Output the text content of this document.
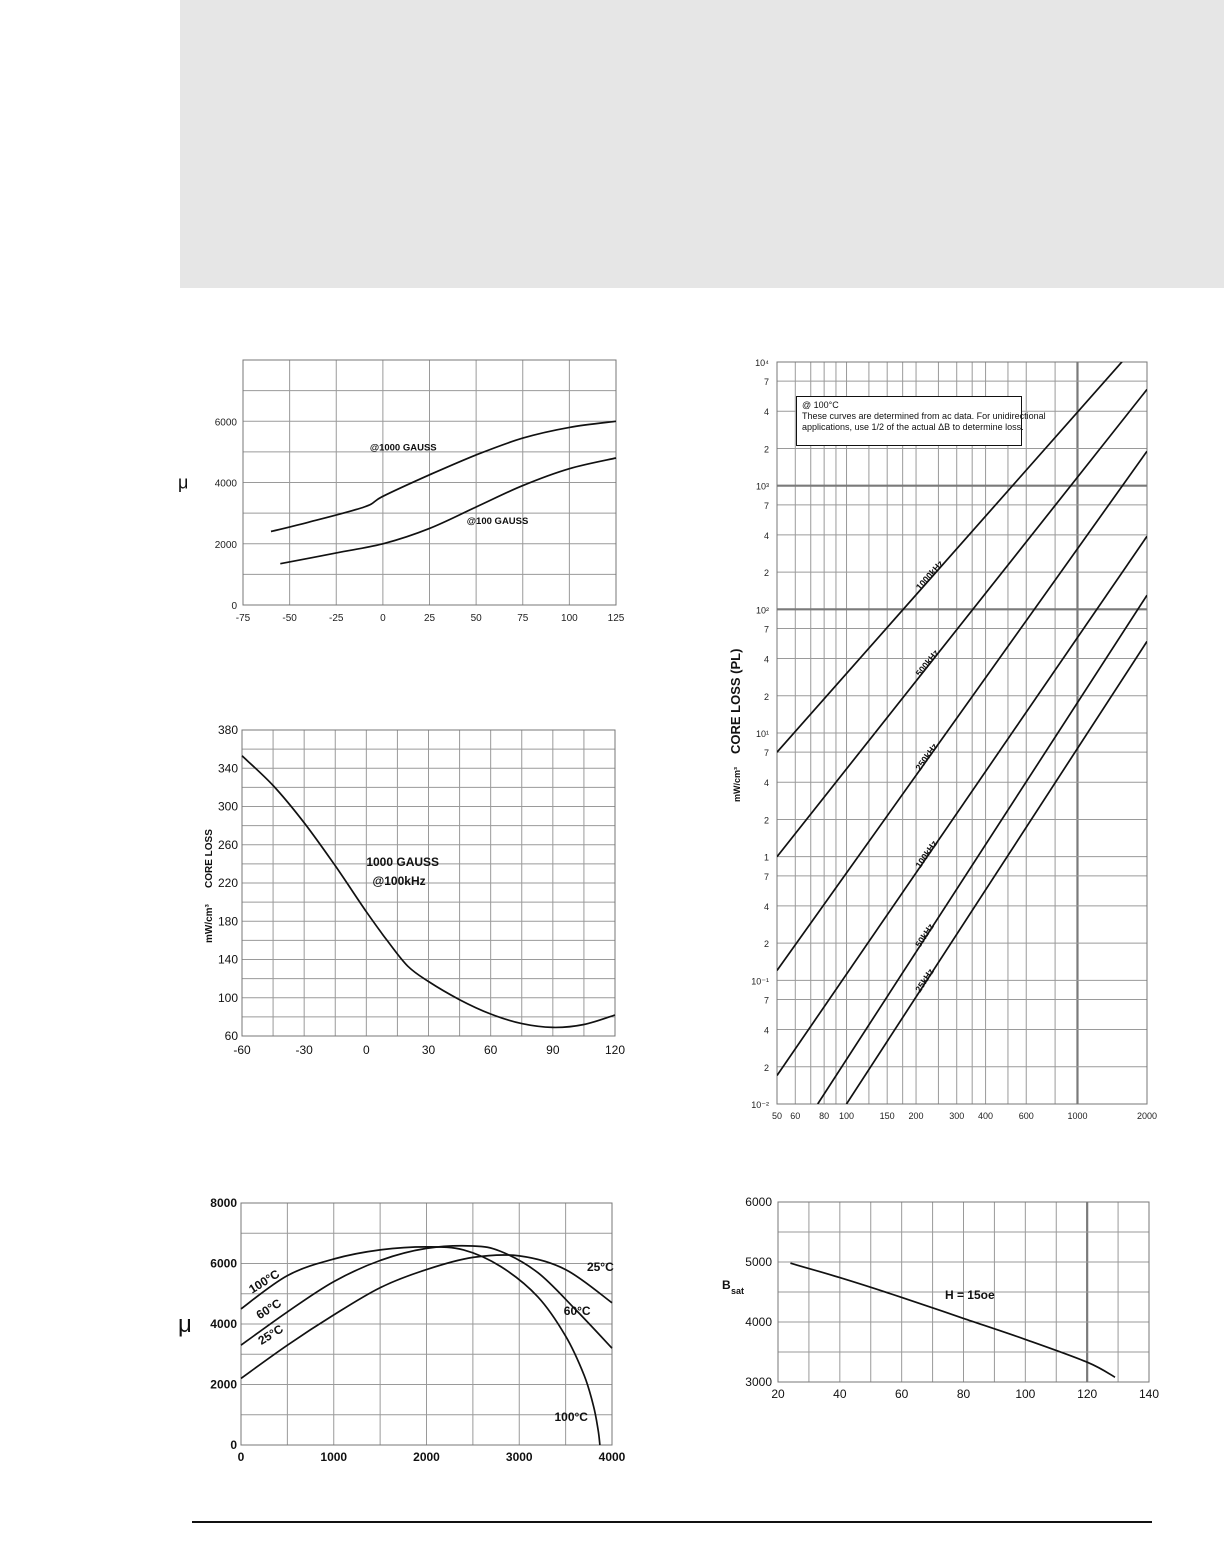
-75	-50	-25	0	25	50	75	100	125
0
2000
4000
6000
μ
@1000 GAUSS
@100 GAUSS
-60	-30	0	30	60	90	120
60
100
140
180
220
260
300
340
380
mW/cm³
CORE LOSS	1000 GAUSS
@100kHz
0	1000	2000	3000	4000
0
2000
4000
6000
8000
μ
100°C
60°C
25°C
25°C
60°C
100°C
10⁻²
2
4
7
10⁻¹
2
4
7
1
2
4
7
10¹
2
4
7
10²
2
4
7
10³
2
4
7
10⁴
50 60 80 100	150 200	300 400	600	1000	2000
mW/cm³
CORE LOSS (PL)
1000kHz
500kHz
250kHz
100kHz
50kHz
25kHz
@ 100°C
These curves are determined from ac data. For unidirectional
applications, use 1/2 of the actual ΔB to determine loss.
20	40	60	80	100	120	140
3000
4000
5000
6000
B sat	H = 15oe
